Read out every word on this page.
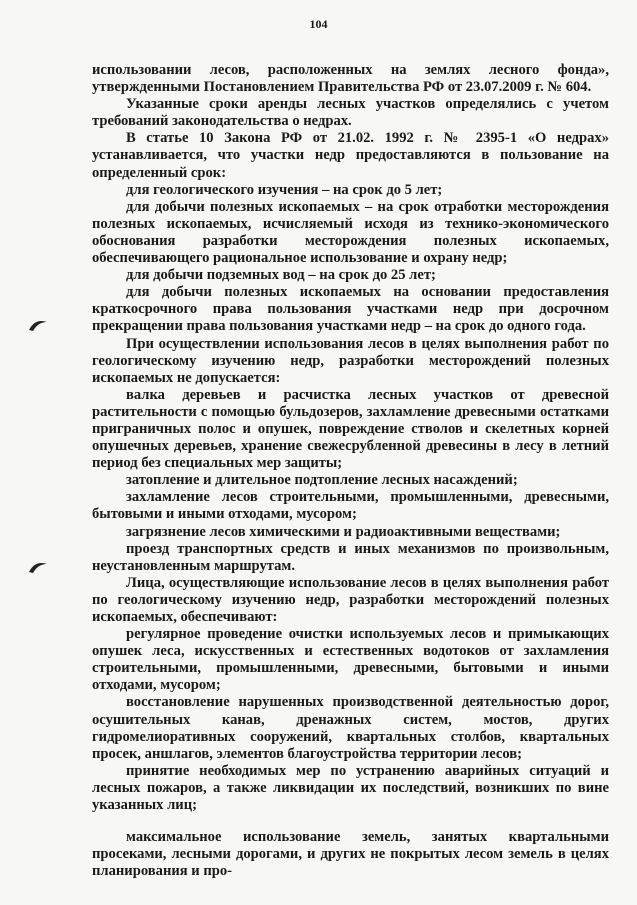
104

использовании лесов, расположенных на землях лесного фонда», утвержденными Постановлением Правительства РФ от 23.07.2009 г. № 604.

Указанные сроки аренды лесных участков определялись с учетом требований законодательства о недрах.

В статье 10 Закона РФ от 21.02. 1992 г. № 2395-1 «О недрах» устанавливается, что участки недр предоставляются в пользование на определенный срок:

для геологического изучения – на срок до 5 лет;

для добычи полезных ископаемых – на срок отработки месторождения полезных ископаемых, исчисляемый исходя из технико-экономического обоснования разработки месторождения полезных ископаемых, обеспечивающего рациональное использование и охрану недр;

для добычи подземных вод – на срок до 25 лет;

для добычи полезных ископаемых на основании предоставления краткосрочного права пользования участками недр при досрочном прекращении права пользования участками недр – на срок до одного года.

При осуществлении использования лесов в целях выполнения работ по геологическому изучению недр, разработки месторождений полезных ископаемых не допускается:

валка деревьев и расчистка лесных участков от древесной растительности с помощью бульдозеров, захламление древесными остатками приграничных полос и опушек, повреждение стволов и скелетных корней опушечных деревьев, хранение свежесрубленной древесины в лесу в летний период без специальных мер защиты;

затопление и длительное подтопление лесных насаждений;

захламление лесов строительными, промышленными, древесными, бытовыми и иными отходами, мусором;

загрязнение лесов химическими и радиоактивными веществами;

проезд транспортных средств и иных механизмов по произвольным, неустановленным маршрутам.

Лица, осуществляющие использование лесов в целях выполнения работ по геологическому изучению недр, разработки месторождений полезных ископаемых, обеспечивают:

регулярное проведение очистки используемых лесов и примыкающих опушек леса, искусственных и естественных водотоков от захламления строительными, промышленными, древесными, бытовыми и иными отходами, мусором;

восстановление нарушенных производственной деятельностью дорог, осушительных канав, дренажных систем, мостов, других гидромелиоративных сооружений, квартальных столбов, квартальных просек, аншлагов, элементов благоустройства территории лесов;

принятие необходимых мер по устранению аварийных ситуаций и лесных пожаров, а также ликвидации их последствий, возникших по вине указанных лиц;

максимальное использование земель, занятых квартальными просеками, лесными дорогами, и других не покрытых лесом земель в целях планирования и про-
